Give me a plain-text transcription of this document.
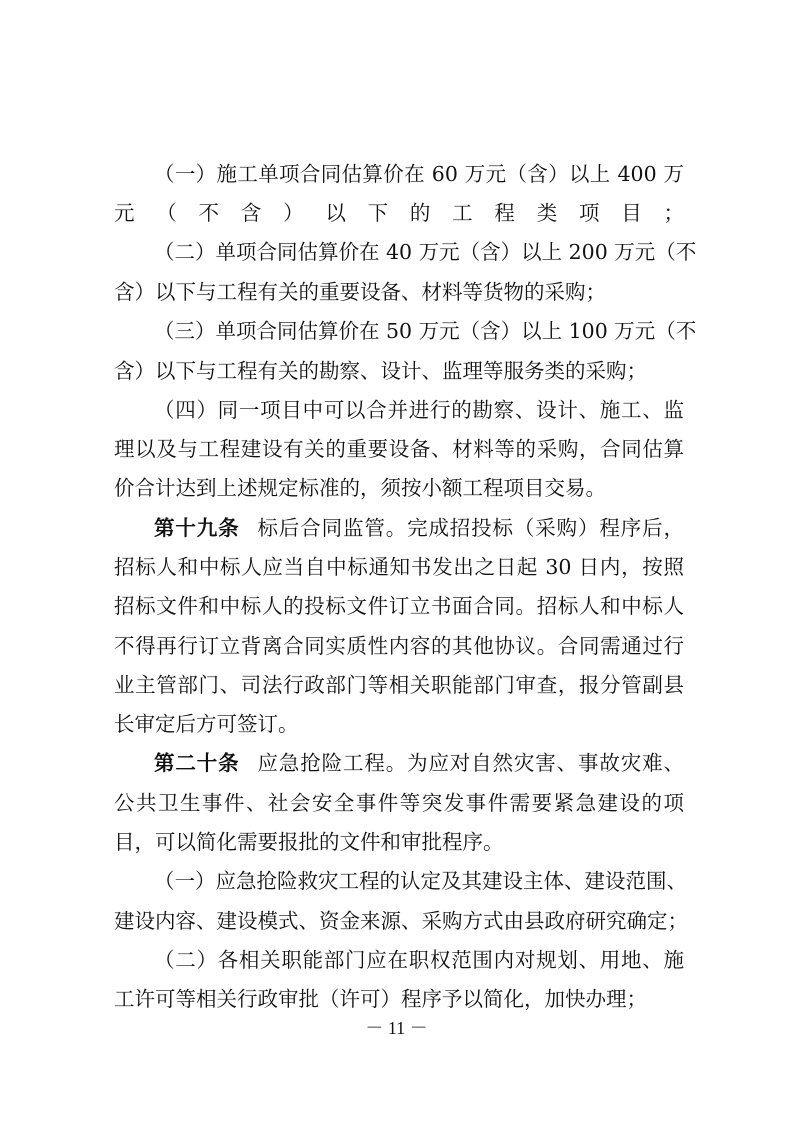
（一）施工单项合同估算价在 60 万元（含）以上 400 万
元（不含）以下的工程类项目；
（二）单项合同估算价在 40 万元（含）以上 200 万元（不
含）以下与工程有关的重要设备、材料等货物的采购；
（三）单项合同估算价在 50 万元（含）以上 100 万元（不
含）以下与工程有关的勘察、设计、监理等服务类的采购；
（四）同一项目中可以合并进行的勘察、设计、施工、监
理以及与工程建设有关的重要设备、材料等的采购，合同估算
价合计达到上述规定标准的，须按小额工程项目交易。
第十九条 标后合同监管。完成招投标（采购）程序后，
招标人和中标人应当自中标通知书发出之日起 30 日内，按照
招标文件和中标人的投标文件订立书面合同。招标人和中标人
不得再行订立背离合同实质性内容的其他协议。合同需通过行
业主管部门、司法行政部门等相关职能部门审查，报分管副县
长审定后方可签订。
第二十条 应急抢险工程。为应对自然灾害、事故灾难、
公共卫生事件、社会安全事件等突发事件需要紧急建设的项
目，可以简化需要报批的文件和审批程序。
（一）应急抢险救灾工程的认定及其建设主体、建设范围、
建设内容、建设模式、资金来源、采购方式由县政府研究确定；
（二）各相关职能部门应在职权范围内对规划、用地、施
工许可等相关行政审批（许可）程序予以简化，加快办理；
－ 11 －
